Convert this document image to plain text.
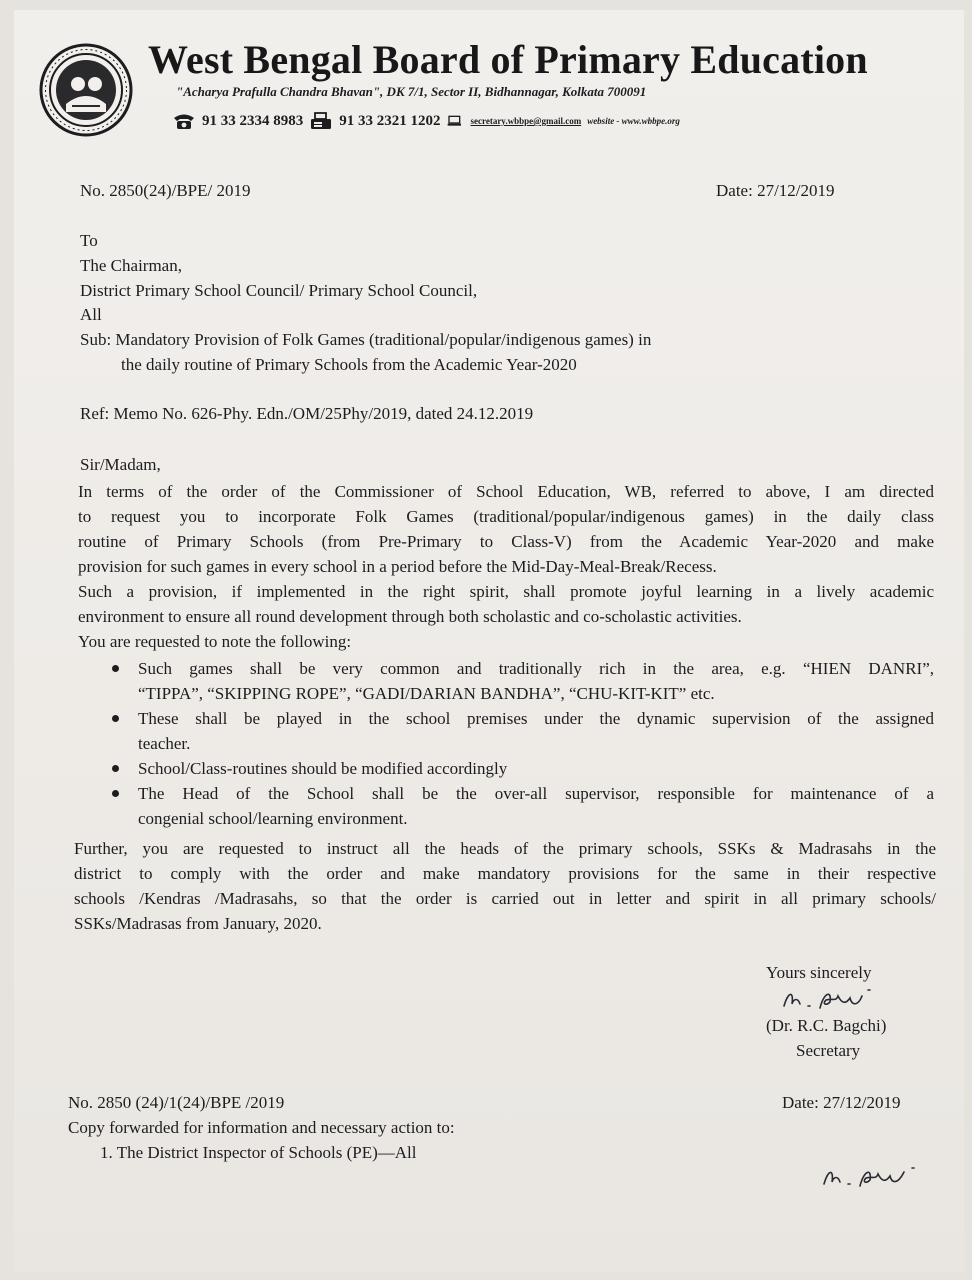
West Bengal Board of Primary Education
"Acharya Prafulla Chandra Bhavan", DK 7/1, Sector II, Bidhannagar, Kolkata 700091
91 33 2334 8983 91 33 2321 1202	secretary.wbbpe@gmail.com website - www.wbbpe.org
No. 2850(24)/BPE/ 2019	Date: 27/12/2019
To
The Chairman,
District Primary School Council/ Primary School Council,
All
Sub: Mandatory Provision of Folk Games (traditional/popular/indigenous games) in
the daily routine of Primary Schools from the Academic Year-2020
Ref: Memo No. 626-Phy. Edn./OM/25Phy/2019, dated 24.12.2019
Sir/Madam,
In terms of the order of the Commissioner of School Education, WB, referred to above, I am directed
to request you to incorporate Folk Games (traditional/popular/indigenous games) in the daily class
routine of Primary Schools (from Pre-Primary to Class-V) from the Academic Year-2020 and make
provision for such games in every school in a period before the Mid-Day-Meal-Break/Recess.
Such a provision, if implemented in the right spirit, shall promote joyful learning in a lively academic
environment to ensure all round development through both scholastic and co-scholastic activities.
You are requested to note the following:
Such games shall be very common and traditionally rich in the area, e.g. “HIEN DANRI”,
“TIPPA”, “SKIPPING ROPE”, “GADI/DARIAN BANDHA”, “CHU-KIT-KIT” etc.
These shall be played in the school premises under the dynamic supervision of the assigned
teacher.
School/Class-routines should be modified accordingly
The Head of the School shall be the over-all supervisor, responsible for maintenance of a
congenial school/learning environment.
Further, you are requested to instruct all the heads of the primary schools, SSKs & Madrasahs in the
district to comply with the order and make mandatory provisions for the same in their respective
schools /Kendras /Madrasahs, so that the order is carried out in letter and spirit in all primary schools/
SSKs/Madrasas from January, 2020.
Yours sincerely
(Dr. R.C. Bagchi)
Secretary
No. 2850 (24)/1(24)/BPE /2019	Date: 27/12/2019
Copy forwarded for information and necessary action to:
1. The District Inspector of Schools (PE)—All
